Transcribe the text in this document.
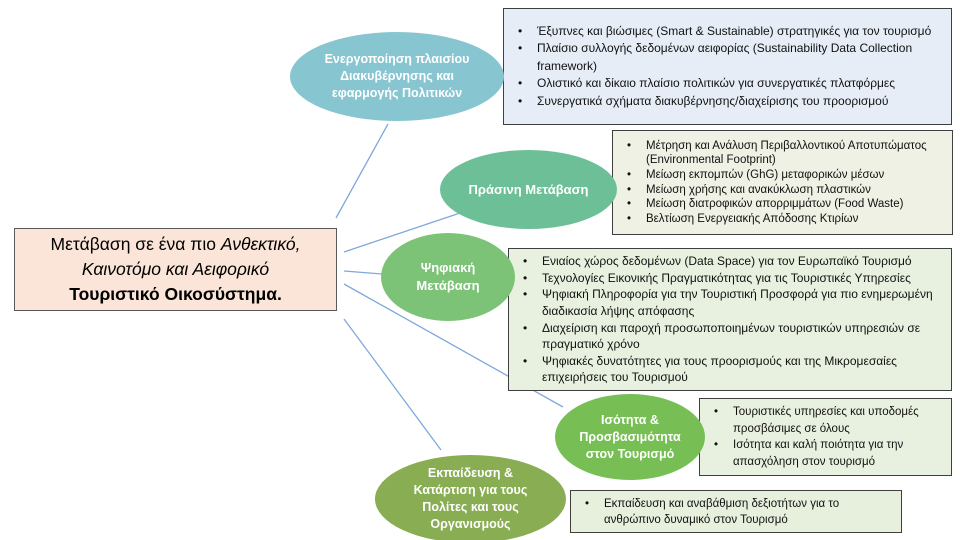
Μετάβαση σε ένα πιο Ανθεκτικό,
Καινοτόμο και Αειφορικό
Τουριστικό Οικοσύστημα.
Ενεργοποίηση πλαισίου Διακυβέρνησης και εφαρμογής Πολιτικών
• Έξυπνες και βιώσιμες (Smart & Sustainable) στρατηγικές για τον τουρισμό
• Πλαίσιο συλλογής δεδομένων αειφορίας (Sustainability Data Collection framework)
• Ολιστικό και δίκαιο πλαίσιο πολιτικών για συνεργατικές πλατφόρμες
• Συνεργατικά σχήματα διακυβέρνησης/διαχείρισης του προορισμού
Πράσινη Μετάβαση
• Μέτρηση και Ανάλυση Περιβαλλοντικού Αποτυπώματος (Environmental Footprint)
• Μείωση εκπομπών (GhG) μεταφορικών μέσων
• Μείωση χρήσης και ανακύκλωση πλαστικών
• Μείωση διατροφικών απορριμμάτων (Food Waste)
• Βελτίωση Ενεργειακής Απόδοσης Κτιρίων
Ψηφιακή Μετάβαση
• Ενιαίος χώρος δεδομένων (Data Space) για τον Ευρωπαϊκό Τουρισμό
• Τεχνολογίες Εικονικής Πραγματικότητας για τις Τουριστικές Υπηρεσίες
• Ψηφιακή Πληροφορία για την Τουριστική Προσφορά για πιο ενημερωμένη διαδικασία λήψης απόφασης
• Διαχείριση και παροχή προσωποποιημένων τουριστικών υπηρεσιών σε πραγματικό χρόνο
• Ψηφιακές δυνατότητες για τους προορισμούς και της Μικρομεσαίες επιχειρήσεις του Τουρισμού
Ισότητα & Προσβασιμότητα στον Τουρισμό
• Τουριστικές υπηρεσίες και υποδομές προσβάσιμες σε όλους
• Ισότητα και καλή ποιότητα για την απασχόληση στον τουρισμό
Εκπαίδευση & Κατάρτιση για τους Πολίτες και τους Οργανισμούς
• Εκπαίδευση και αναβάθμιση δεξιοτήτων για το ανθρώπινο δυναμικό στον Τουρισμό
